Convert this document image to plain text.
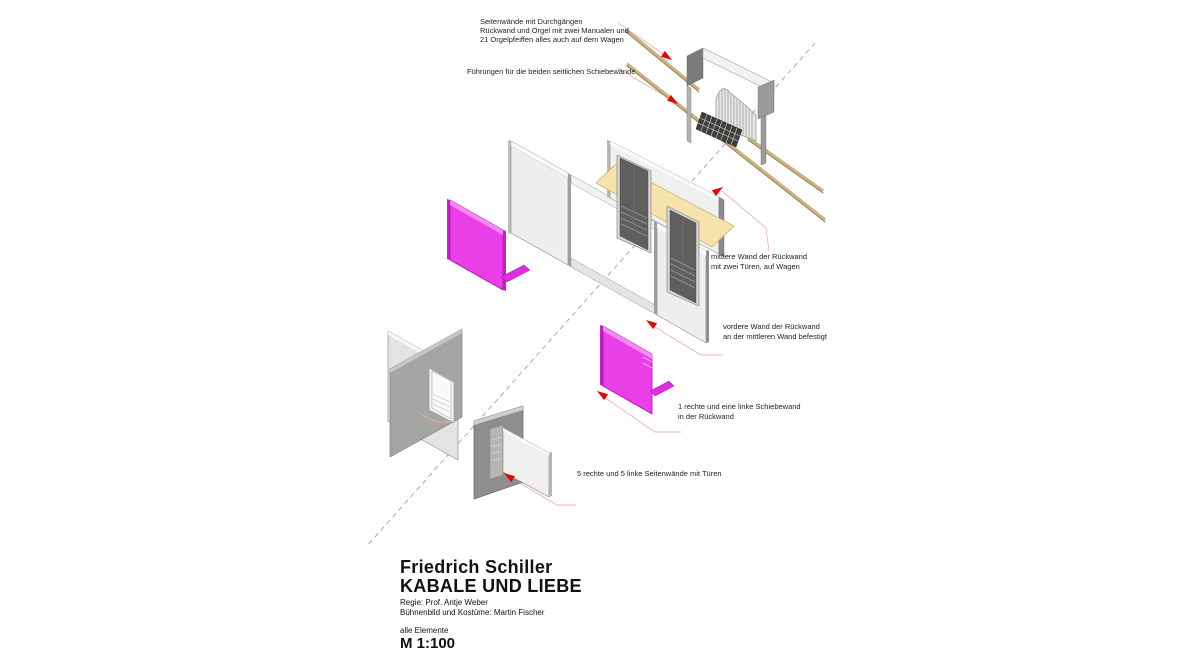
Seitenwände mit Durchgängen
Rückwand und Orgel mit zwei Manualen und
21 Orgelpfeiffen alles auch auf dem Wagen
Führungen für die beiden seitlichen Schiebewände
mittlere Wand der Rückwand
mit zwei Türen, auf Wagen
vordere Wand der Rückwand
an der mittleren Wand befestigt
1 rechte und eine linke Schiebewand
in der Rückwand
5 rechte und 5 linke Seitenwände mit Türen
Friedrich Schiller
KABALE UND LIEBE
Regie: Prof. Antje Weber
Bühnenbild und Kostüme: Martin Fischer
alle Elemente
M 1:100
